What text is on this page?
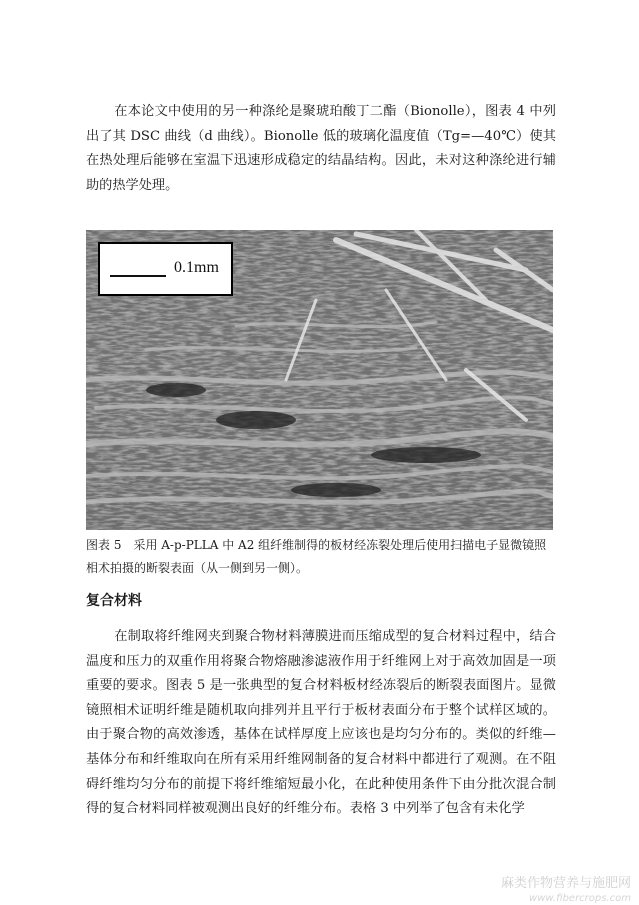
在本论文中使用的另一种涤纶是聚琥珀酸丁二酯（Bionolle），图表 4 中列出了其 DSC 曲线（d 曲线）。Bionolle 低的玻璃化温度值（Tg=—40℃）使其在热处理后能够在室温下迅速形成稳定的结晶结构。因此，未对这种涤纶进行辅助的热学处理。

0.1mm

图表 5　采用 A-p-PLLA 中 A2 组纤维制得的板材经冻裂处理后使用扫描电子显微镜照相术拍摄的断裂表面（从一侧到另一侧）。

复合材料

在制取将纤维网夹到聚合物材料薄膜进而压缩成型的复合材料过程中，结合温度和压力的双重作用将聚合物熔融渗滤液作用于纤维网上对于高效加固是一项重要的要求。图表 5 是一张典型的复合材料板材经冻裂后的断裂表面图片。显微镜照相术证明纤维是随机取向排列并且平行于板材表面分布于整个试样区域的。由于聚合物的高效渗透，基体在试样厚度上应该也是均匀分布的。类似的纤维—基体分布和纤维取向在所有采用纤维网制备的复合材料中都进行了观测。在不阻碍纤维均匀分布的前提下将纤维缩短最小化，在此种使用条件下由分批次混合制得的复合材料同样被观测出良好的纤维分布。表格 3 中列举了包含有未化学

麻类作物营养与施肥网
www.fibercrops.com
